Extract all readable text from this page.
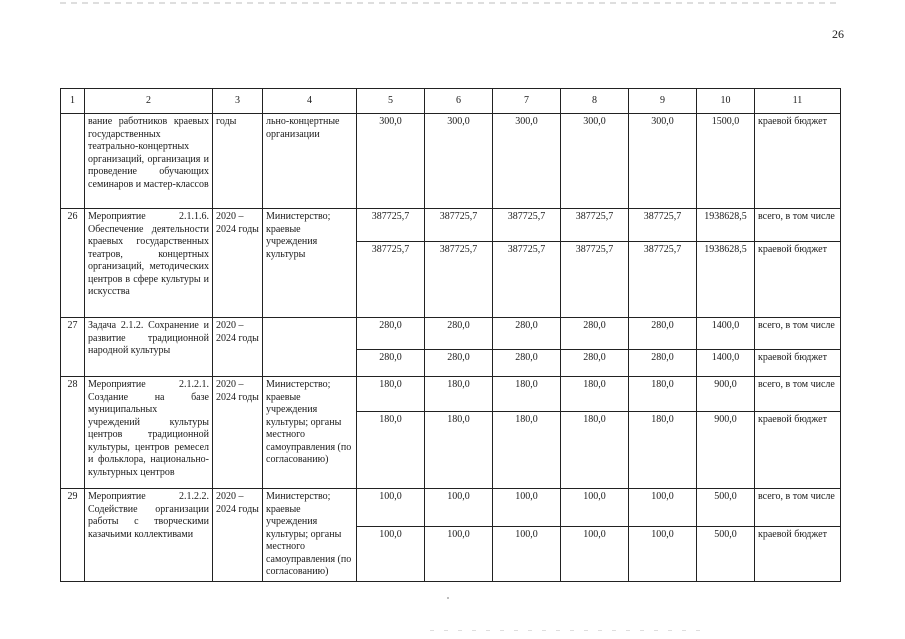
26
1	2	3	4	5	6	7	8	9	10	11
	вание работников краевых государственных театрально-концертных организаций, организация и проведение обучающих семинаров и мастер-классов	годы	льно-концертные организации	300,0	300,0	300,0	300,0	300,0	1500,0	краевой бюджет
26	Мероприятие 2.1.1.6. Обеспечение деятельности краевых государственных театров, концертных организаций, методических центров в сфере культуры и искусства	2020 – 2024 годы	Министерство; краевые учреждения культуры	387725,7	387725,7	387725,7	387725,7	387725,7	1938628,5	всего, в том числе
				387725,7	387725,7	387725,7	387725,7	387725,7	1938628,5	краевой бюджет
27	Задача 2.1.2. Сохранение и развитие традиционной народной культуры	2020 – 2024 годы		280,0	280,0	280,0	280,0	280,0	1400,0	всего, в том числе
				280,0	280,0	280,0	280,0	280,0	1400,0	краевой бюджет
28	Мероприятие 2.1.2.1. Создание на базе муниципальных учреждений культуры центров традиционной культуры, центров ремесел и фольклора, национально-культурных центров	2020 – 2024 годы	Министерство; краевые учреждения культуры; органы местного самоуправления (по согласованию)	180,0	180,0	180,0	180,0	180,0	900,0	всего, в том числе
				180,0	180,0	180,0	180,0	180,0	900,0	краевой бюджет
29	Мероприятие 2.1.2.2. Содействие организации работы с творческими казачьими коллективами	2020 – 2024 годы	Министерство; краевые учреждения культуры; органы местного самоуправления (по согласованию)	100,0	100,0	100,0	100,0	100,0	500,0	всего, в том числе
				100,0	100,0	100,0	100,0	100,0	500,0	краевой бюджет
